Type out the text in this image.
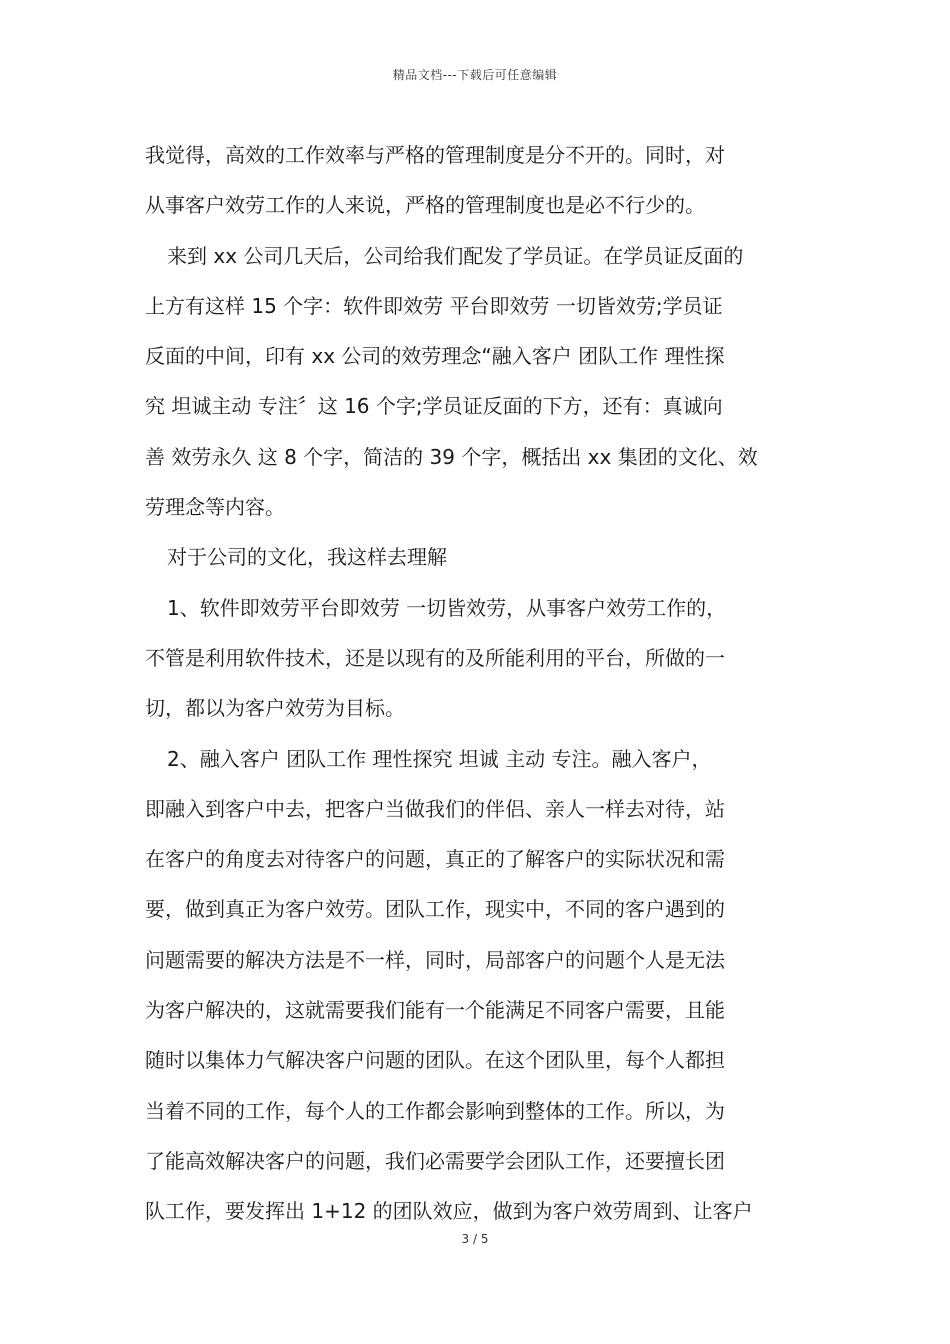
精品文档---下载后可任意编辑
我觉得，高效的工作效率与严格的管理制度是分不开的。同时，对
从事客户效劳工作的人来说，严格的管理制度也是必不行少的。
来到 xx 公司几天后，公司给我们配发了学员证。在学员证反面的
上方有这样 15 个字：软件即效劳 平台即效劳 一切皆效劳;学员证
反面的中间，印有 xx 公司的效劳理念“融入客户 团队工作 理性探
究 坦诚主动 专注〞这 16 个字;学员证反面的下方，还有：真诚向
善 效劳永久 这 8 个字，简洁的 39 个字，概括出 xx 集团的文化、效
劳理念等内容。
对于公司的文化，我这样去理解
1、软件即效劳平台即效劳 一切皆效劳，从事客户效劳工作的，
不管是利用软件技术，还是以现有的及所能利用的平台，所做的一
切，都以为客户效劳为目标。
2、融入客户 团队工作 理性探究 坦诚 主动 专注。融入客户，
即融入到客户中去，把客户当做我们的伴侣、亲人一样去对待，站
在客户的角度去对待客户的问题，真正的了解客户的实际状况和需
要，做到真正为客户效劳。团队工作，现实中，不同的客户遇到的
问题需要的解决方法是不一样，同时，局部客户的问题个人是无法
为客户解决的，这就需要我们能有一个能满足不同客户需要，且能
随时以集体力气解决客户问题的团队。在这个团队里，每个人都担
当着不同的工作，每个人的工作都会影响到整体的工作。所以，为
了能高效解决客户的问题，我们必需要学会团队工作，还要擅长团
队工作，要发挥出 1+12 的团队效应，做到为客户效劳周到、让客户
3 / 5
